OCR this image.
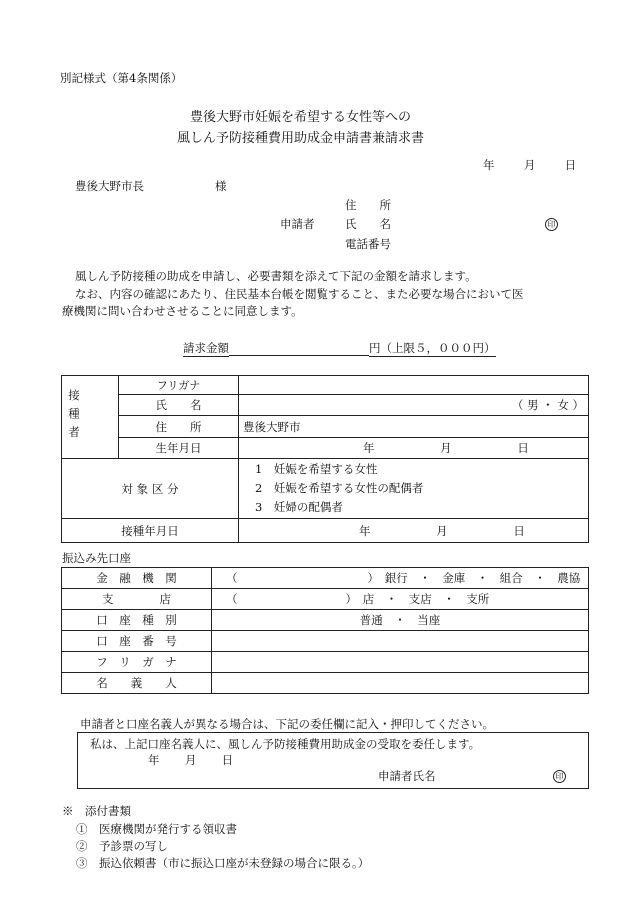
別記様式（第4条関係）
豊後大野市妊娠を希望する女性等への
風しん予防接種費用助成金申請書兼請求書
年	月	日
豊後大野市長	様
住　　所
申請者	氏　　名	印
電話番号
風しん予防接種の助成を申請し、必要書類を添えて下記の金額を請求します。
なお、内容の確認にあたり、住民基本台帳を閲覧すること、また必要な場合において医
療機関に問い合わせさせることに同意します。
請求金額	円（上限５，０００円）
接種者	フリガナ	
	氏　　名	（ 男 ・ 女 ）
	住　　所	豊後大野市
	生年月日	年 月 日
対 象 区 分		1　妊娠を希望する女性
2　妊娠を希望する女性の配偶者
3　妊婦の配偶者

接種年月日		年 月 日
振込み先口座
金　融　機　関	（ ）　銀行　・　金庫　・　組合　・　農協
支　　　　店	（ ）　店　・　支店　・　支所
口　座　種　別	普通　・　当座
口　座　番　号	
フ　リ　ガ　ナ	
名　　義　　人	
申請者と口座名義人が異なる場合は、下記の委任欄に記入・押印してください。
私は、上記口座名義人に、風しん予防接種費用助成金の受取を委任します。
年 月 日
申請者氏名	印
※　添付書類
①　医療機関が発行する領収書
②　予診票の写し
③　振込依頼書（市に振込口座が未登録の場合に限る。）
